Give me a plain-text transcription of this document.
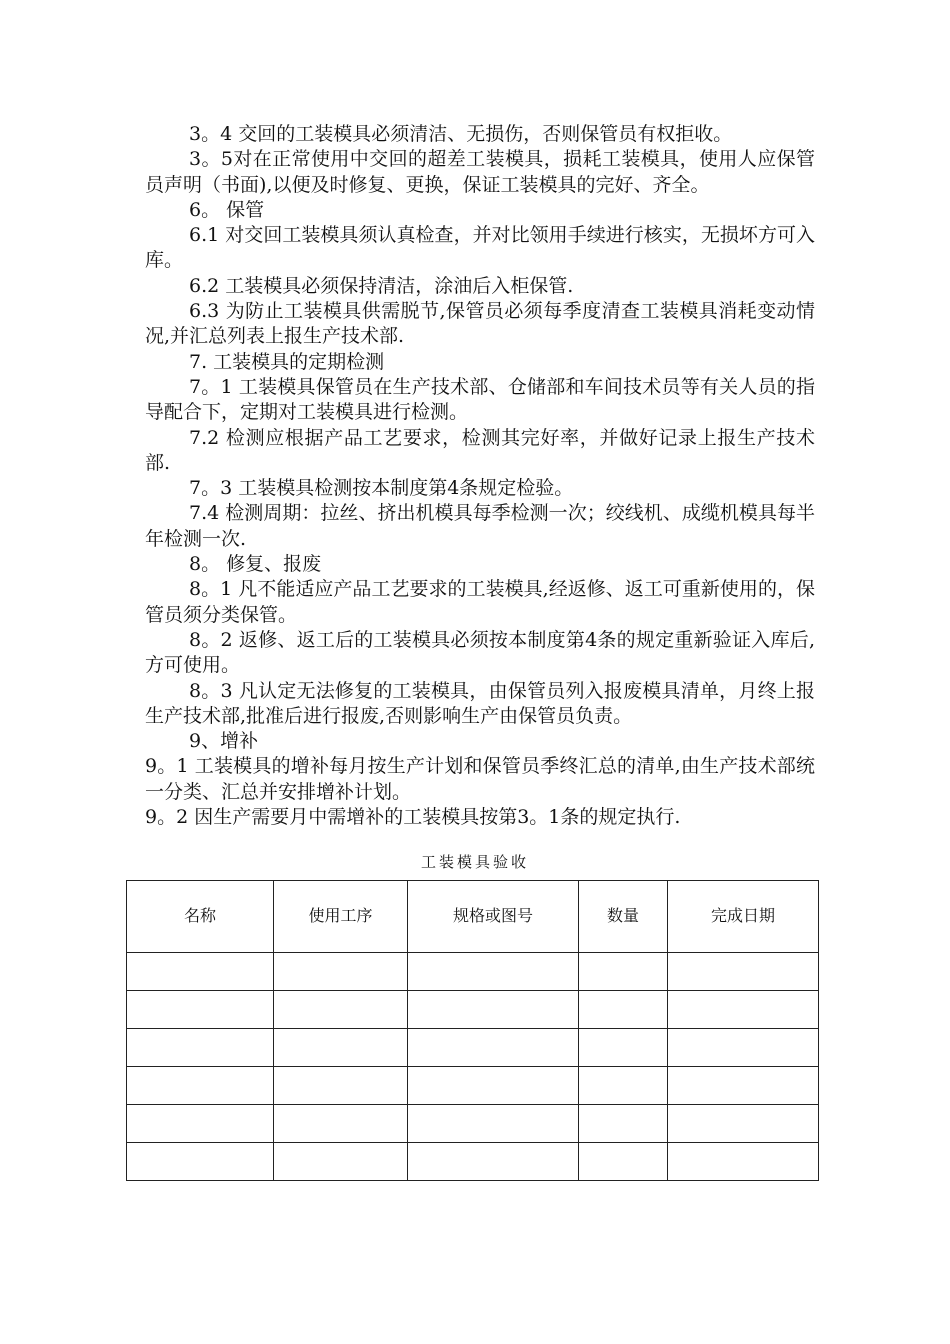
3。4 交回的工装模具必须清洁、无损伤，否则保管员有权拒收。

3。5对在正常使用中交回的超差工装模具，损耗工装模具，使用人应保管员声明（书面),以便及时修复、更换，保证工装模具的完好、齐全。

6。 保管

6.1 对交回工装模具须认真检查，并对比领用手续进行核实，无损坏方可入库。

6.2 工装模具必须保持清洁，涂油后入柜保管.

6.3 为防止工装模具供需脱节,保管员必须每季度清查工装模具消耗变动情况,并汇总列表上报生产技术部.

7. 工装模具的定期检测

7。1 工装模具保管员在生产技术部、仓储部和车间技术员等有关人员的指导配合下，定期对工装模具进行检测。

7.2 检测应根据产品工艺要求，检测其完好率，并做好记录上报生产技术部.

7。3 工装模具检测按本制度第4条规定检验。

7.4 检测周期：拉丝、挤出机模具每季检测一次；绞线机、成缆机模具每半年检测一次.

8。 修复、报废

8。1 凡不能适应产品工艺要求的工装模具,经返修、返工可重新使用的，保管员须分类保管。

8。2 返修、返工后的工装模具必须按本制度第4条的规定重新验证入库后,方可使用。

8。3 凡认定无法修复的工装模具，由保管员列入报废模具清单，月终上报生产技术部,批准后进行报废,否则影响生产由保管员负责。

9、增补

9。1 工装模具的增补每月按生产计划和保管员季终汇总的清单,由生产技术部统一分类、汇总并安排增补计划。

9。2 因生产需要月中需增补的工装模具按第3。1条的规定执行.

工装模具验收
名称	使用工序	规格或图号	数量	完成日期
